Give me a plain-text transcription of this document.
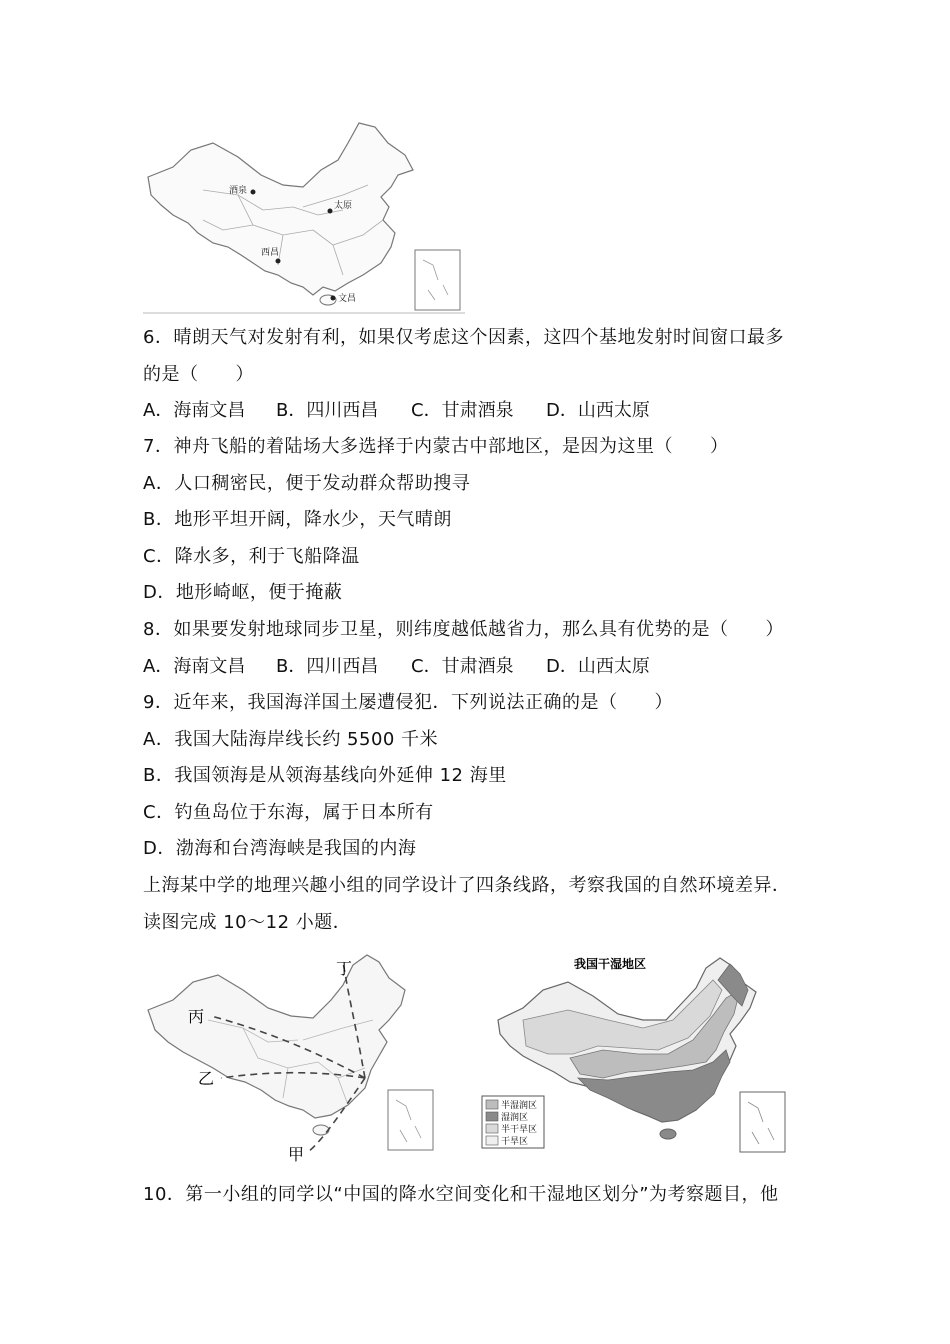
酒泉
太原
西昌
文昌
6．晴朗天气对发射有利，如果仅考虑这个因素，这四个基地发射时间窗口最多
的是（　　）
A．海南文昌 B．四川西昌 C．甘肃酒泉 D．山西太原
7．神舟飞船的着陆场大多选择于内蒙古中部地区，是因为这里（　　）
A．人口稠密民，便于发动群众帮助搜寻
B．地形平坦开阔，降水少，天气晴朗
C．降水多，利于飞船降温
D．地形崎岖，便于掩蔽
8．如果要发射地球同步卫星，则纬度越低越省力，那么具有优势的是（　　）
A．海南文昌 B．四川西昌 C．甘肃酒泉 D．山西太原
9．近年来，我国海洋国土屡遭侵犯．下列说法正确的是（　　）
A．我国大陆海岸线长约 5500 千米
B．我国领海是从领海基线向外延伸 12 海里
C．钓鱼岛位于东海，属于日本所有
D．渤海和台湾海峡是我国的内海
上海某中学的地理兴趣小组的同学设计了四条线路，考察我国的自然环境差异．
读图完成 10～12 小题．
丁
丙
乙
甲
我国干湿地区
半湿润区
湿润区
半干旱区
干旱区
10．第一小组的同学以“中国的降水空间变化和干湿地区划分”为考察题目，他
